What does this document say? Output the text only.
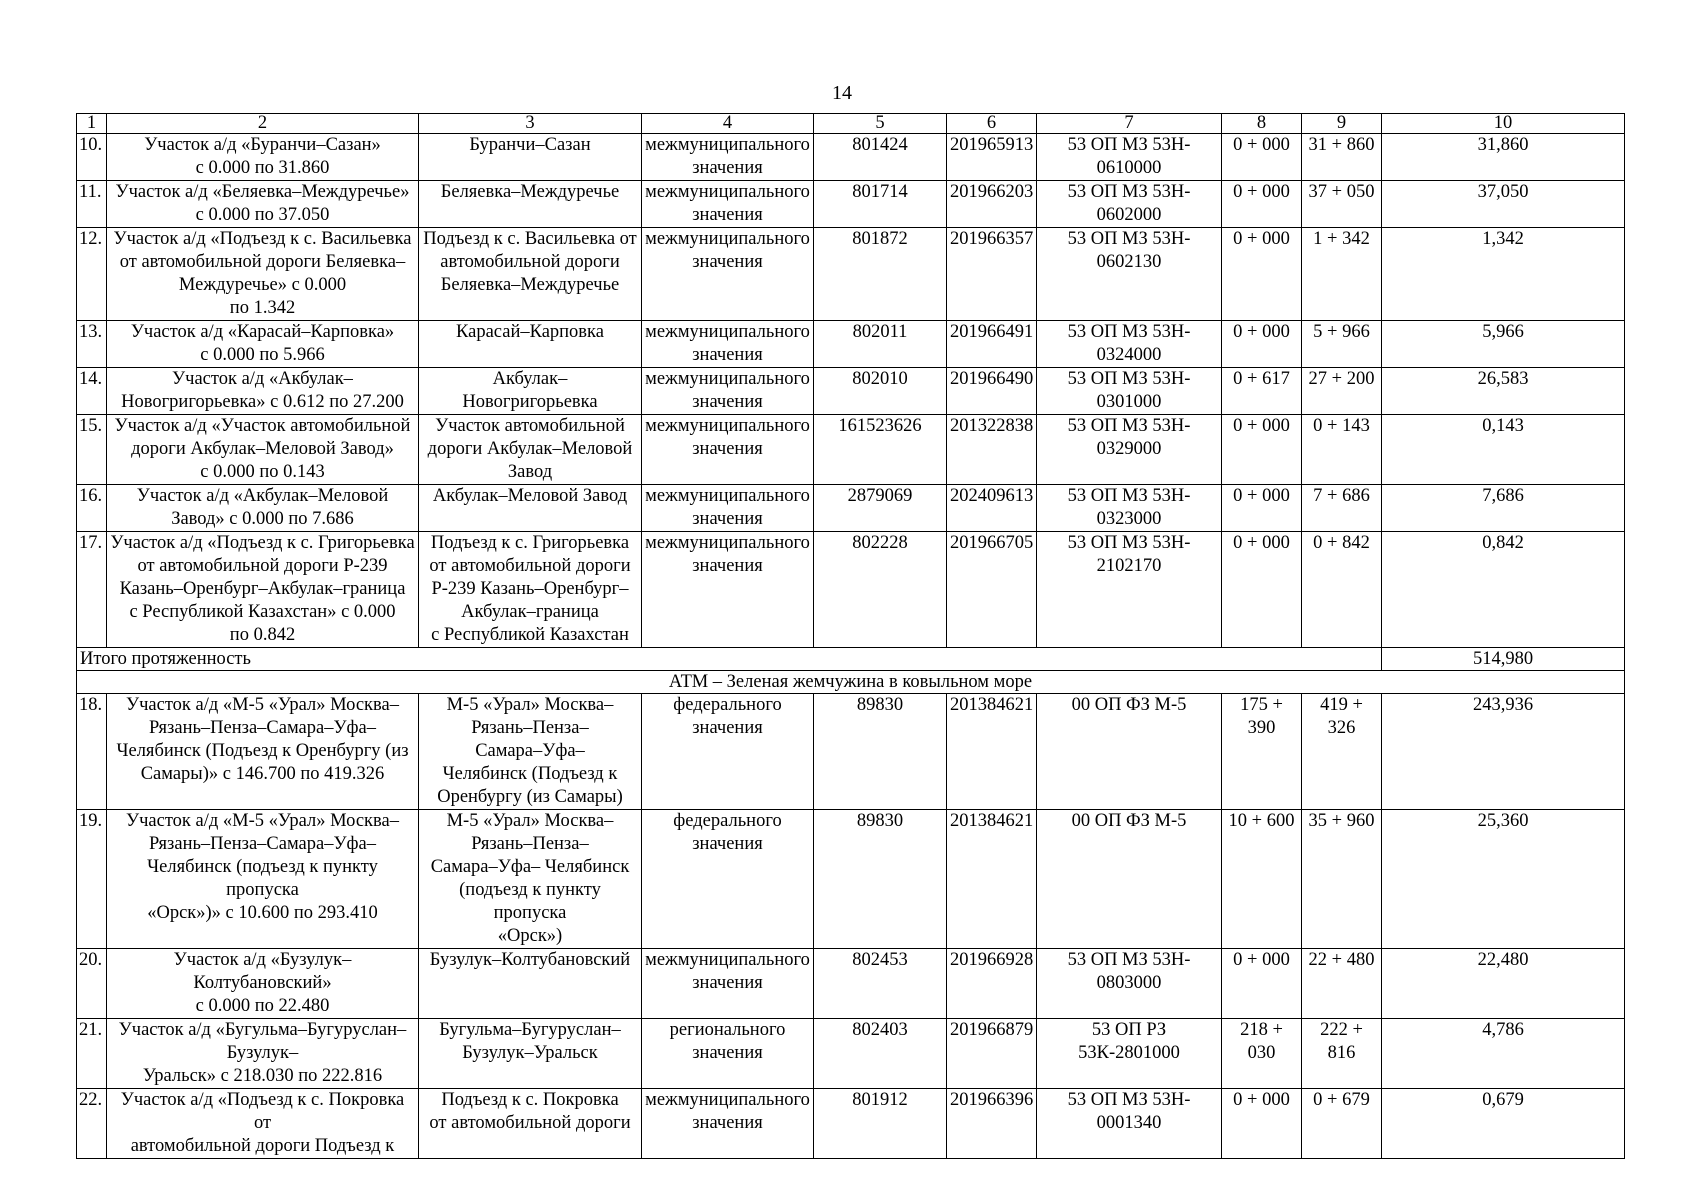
14
1	2	3	4	5	6	7	8	9	10
10.	Участок а/д «Буранчи–Сазан»
с 0.000 по 31.860	Буранчи–Сазан	межмуниципального
значения	801424	201965913	53 ОП МЗ 53Н-
0610000	0 + 000	31 + 860	31,860
11.	Участок а/д «Беляевка–Междуречье»
с 0.000 по 37.050	Беляевка–Междуречье	межмуниципального
значения	801714	201966203	53 ОП МЗ 53Н-
0602000	0 + 000	37 + 050	37,050
12.	Участок а/д «Подъезд к с. Васильевка
от автомобильной дороги Беляевка–
Междуречье» с 0.000
по 1.342	Подъезд к с. Васильевка от
автомобильной дороги
Беляевка–Междуречье	межмуниципального
значения	801872	201966357	53 ОП МЗ 53Н-
0602130	0 + 000	1 + 342	1,342
13.	Участок а/д «Карасай–Карповка»
с 0.000 по 5.966	Карасай–Карповка	межмуниципального
значения	802011	201966491	53 ОП МЗ 53Н-
0324000	0 + 000	5 + 966	5,966
14.	Участок а/д «Акбулак–
Новогригорьевка» с 0.612 по 27.200	Акбулак–
Новогригорьевка	межмуниципального
значения	802010	201966490	53 ОП МЗ 53Н-
0301000	0 + 617	27 + 200	26,583
15.	Участок а/д «Участок автомобильной
дороги Акбулак–Меловой Завод»
с 0.000 по 0.143	Участок автомобильной
дороги Акбулак–Меловой
Завод	межмуниципального
значения	161523626	201322838	53 ОП МЗ 53Н-
0329000	0 + 000	0 + 143	0,143
16.	Участок а/д «Акбулак–Меловой
Завод» с 0.000 по 7.686	Акбулак–Меловой Завод	межмуниципального
значения	2879069	202409613	53 ОП МЗ 53Н-
0323000	0 + 000	7 + 686	7,686
17.	Участок а/д «Подъезд к с. Григорьевка
от автомобильной дороги Р-239
Казань–Оренбург–Акбулак–граница
с Республикой Казахстан» с 0.000
по 0.842	Подъезд к с. Григорьевка
от автомобильной дороги
Р-239 Казань–Оренбург–
Акбулак–граница
с Республикой Казахстан	межмуниципального
значения	802228	201966705	53 ОП МЗ 53Н-
2102170	0 + 000	0 + 842	0,842
Итого протяженность									514,980
АТМ – Зеленая жемчужина в ковыльном море									
18.	Участок а/д «М-5 «Урал» Москва–
Рязань–Пенза–Самара–Уфа–
Челябинск (Подъезд к Оренбургу (из
Самары)» с 146.700 по 419.326	М-5 «Урал» Москва–
Рязань–Пенза–
Самара–Уфа–
Челябинск (Подъезд к
Оренбургу (из Самары)	федерального
значения	89830	201384621	00 ОП ФЗ М-5	175 + 390	419 + 326	243,936
19.	Участок а/д «М-5 «Урал» Москва–
Рязань–Пенза–Самара–Уфа–
Челябинск (подъезд к пункту пропуска
«Орск»)» с 10.600 по 293.410	М-5 «Урал» Москва–
Рязань–Пенза–
Самара–Уфа– Челябинск
(подъезд к пункту пропуска
«Орск»)	федерального
значения	89830	201384621	00 ОП ФЗ М-5	10 + 600	35 + 960	25,360
20.	Участок а/д «Бузулук–
Колтубановский»
с 0.000 по 22.480	Бузулук–Колтубановский	межмуниципального
значения	802453	201966928	53 ОП МЗ 53Н-
0803000	0 + 000	22 + 480	22,480
21.	Участок а/д «Бугульма–Бугуруслан–
Бузулук–
Уральск» с 218.030 по 222.816	Бугульма–Бугуруслан–
Бузулук–Уральск	регионального
значения	802403	201966879	53 ОП РЗ 53К-2801000	218 + 030	222 + 816	4,786
22.	Участок а/д «Подъезд к с. Покровка от
автомобильной дороги Подъезд к	Подъезд к с. Покровка
от автомобильной дороги	межмуниципального
значения	801912	201966396	53 ОП МЗ 53Н-
0001340	0 + 000	0 + 679	0,679
